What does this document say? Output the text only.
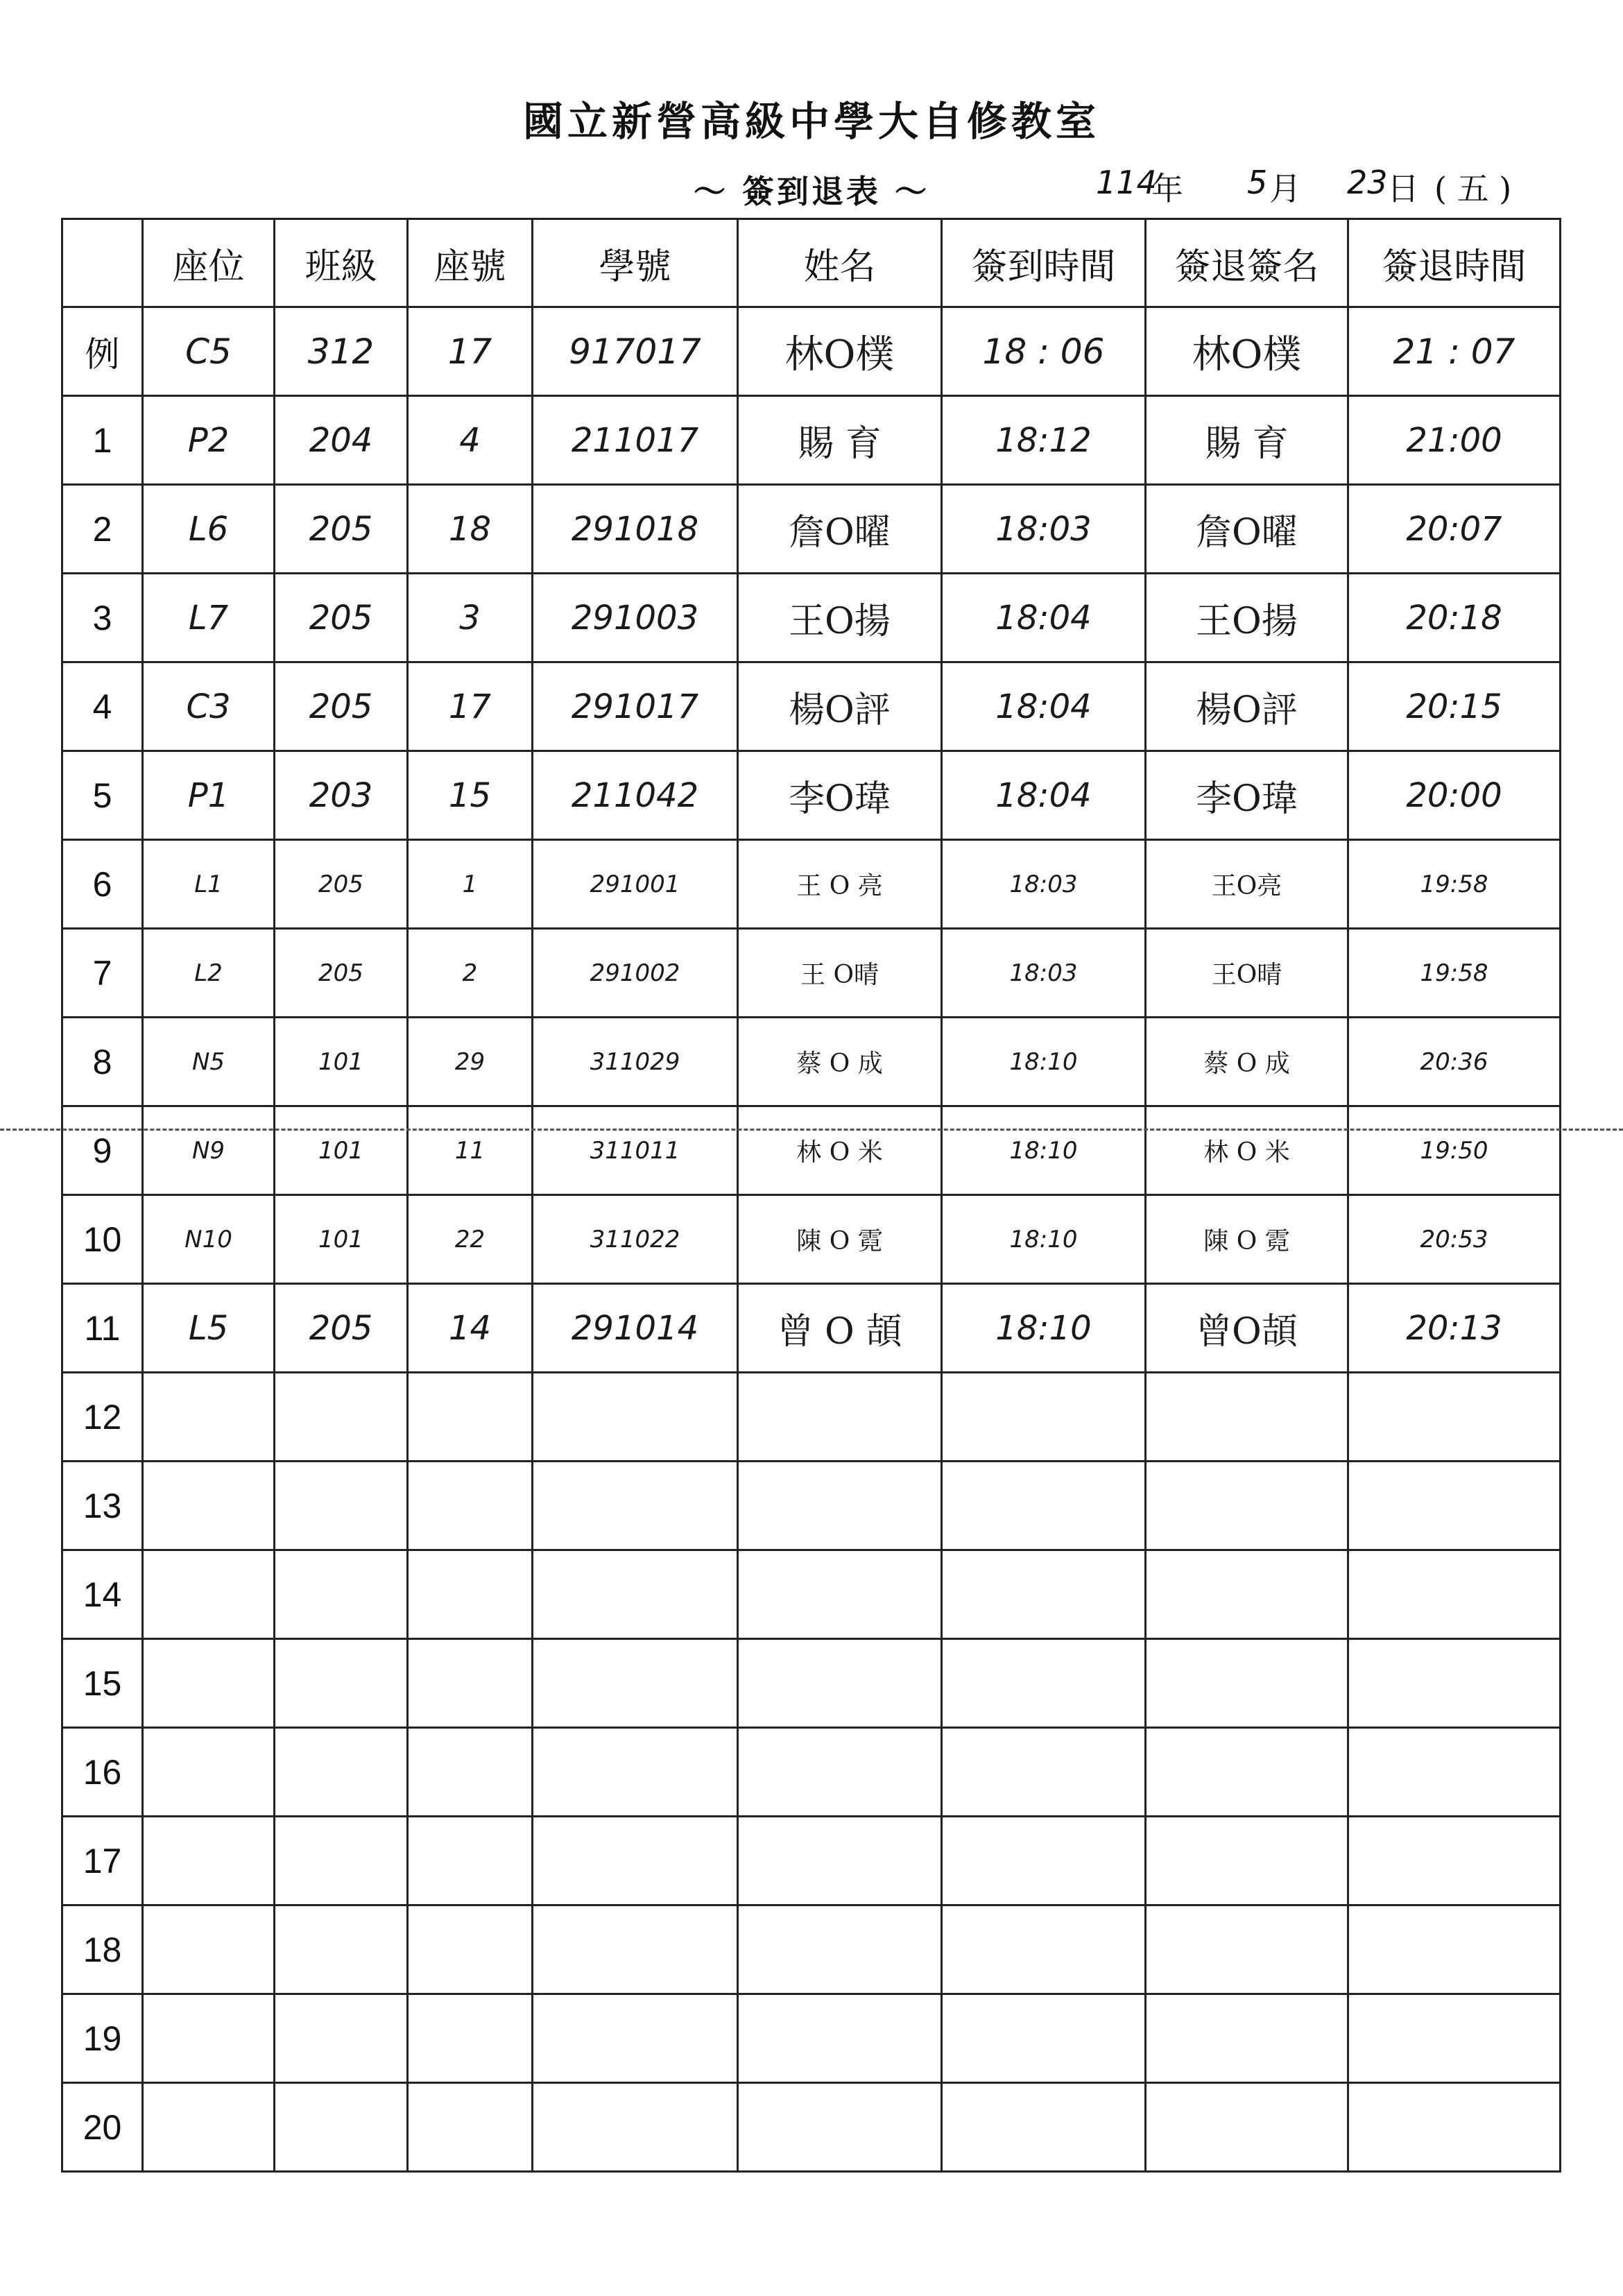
國立新營高級中學大自修教室
～ 簽到退表 ～	114
年 5 月 23 日 ( 五 )
	座位	班級	座號	學號	姓名	簽到時間	簽退簽名	簽退時間
例	C5	312	17	917017	林O樸	18 : 06	林O樸	21 : 07
1	P2	204	4	211017	賜 育	18:12	賜 育	21:00
2	L6	205	18	291018	詹O曜	18:03	詹O曜	20:07
3	L7	205	3	291003	王O揚	18:04	王O揚	20:18
4	C3	205	17	291017	楊O評	18:04	楊O評	20:15
5	P1	203	15	211042	李O瑋	18:04	李O瑋	20:00
6	L1	205	1	291001	王 O 亮	18:03	王O亮	19:58
7	L2	205	2	291002	王 O晴	18:03	王O晴	19:58
8	N5	101	29	311029	蔡 O 成	18:10	蔡 O 成	20:36
9	N9	101	11	311011	林 O 米	18:10	林 O 米	19:50
10	N10	101	22	311022	陳 O 霓	18:10	陳 O 霓	20:53
11	L5	205	14	291014	曾 O 頡	18:10	曾O頡	20:13
12								
13								
14								
15								
16								
17								
18								
19								
20								
